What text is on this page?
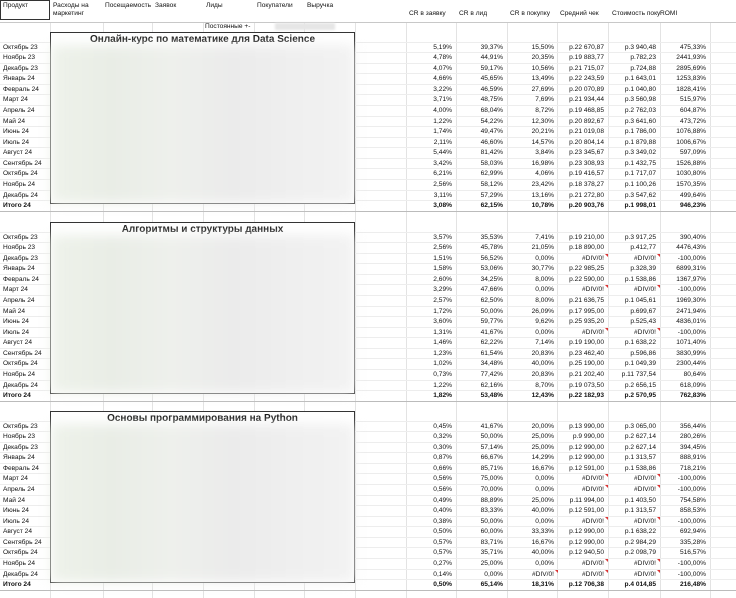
Продукт	Расходы на
маркетинг
Посещаемость Заявок	Лиды	Покупатели Выручка
CR в заявку CR в лид	CR в покупку Средний чек Стоимость поку ROMI
Постоянные +-
Октябрь 23	5,19%	39,37%	15,50% р.22 670,87	р.3 940,48	475,33%
Ноябрь 23	4,78%	44,91%	20,35% р.19 883,77	р.782,23	2441,93%
Декабрь 23	4,07%	59,17%	10,56% р.21 715,07	р.724,88	2895,69%
Январь 24	4,66%	45,65%	13,49% р.22 243,59	р.1 643,01	1253,83%
Февраль 24	3,22%	46,59%	27,69% р.20 070,89	р.1 040,80	1828,41%
Март 24	3,71%	48,75%	7,69% р.21 934,44	р.3 560,98	515,97%
Апрель 24	4,00%	68,04%	8,72% р.19 468,85	р.2 762,03	604,87%
Май 24	1,22%	54,22%	12,30% р.20 892,67	р.3 641,60	473,72%
Июнь 24	1,74%	49,47%	20,21% р.21 019,08	р.1 786,00	1076,88%
Июль 24	2,11%	46,60%	14,57% р.20 804,14	р.1 879,88	1006,67%
Август 24	5,44%	81,42%	3,84% р.23 345,67	р.3 349,02	597,09%
Сентябрь 24	3,42%	58,03%	16,98% р.23 308,93	р.1 432,75	1526,88%
Октябрь 24	6,21%	62,99%	4,06% р.19 416,57	р.1 717,07	1030,80%
Ноябрь 24	2,56%	58,12%	23,42% р.18 378,27	р.1 100,26	1570,35%
Декабрь 24	3,11%	57,29%	13,16% р.21 272,80	р.3 547,62	499,64%
Итого 24	3,08%	62,15%	10,78% р.20 903,76	р.1 998,01	946,23%
Онлайн-курс по математике для Data Science
Октябрь 23	3,57%	35,53%	7,41% р.19 210,00	р.3 917,25	390,40%
Ноябрь 23	2,56%	45,78%	21,05% р.18 890,00	р.412,77	4476,43%
Декабрь 23	1,51%	56,52%	0,00%	#DIV/0!	#DIV/0!	-100,00%
Январь 24	1,58%	53,06%	30,77% р.22 985,25	р.328,39	6899,31%
Февраль 24	2,60%	34,25%	8,00% р.22 590,00	р.1 538,86	1367,97%
Март 24	3,29%	47,66%	0,00%	#DIV/0!	#DIV/0!	-100,00%
Апрель 24	2,57%	62,50%	8,00% р.21 636,75	р.1 045,61	1969,30%
Май 24	1,72%	50,00%	26,09% р.17 995,00	р.699,67	2471,94%
Июнь 24	3,60%	59,77%	9,62% р.25 935,20	р.525,43	4836,01%
Июль 24	1,31%	41,67%	0,00%	#DIV/0!	#DIV/0!	-100,00%
Август 24	1,46%	62,22%	7,14% р.19 190,00	р.1 638,22	1071,40%
Сентябрь 24	1,23%	61,54%	20,83% р.23 462,40	р.596,86	3830,99%
Октябрь 24	1,02%	34,48%	40,00% р.25 190,00	р.1 049,39	2300,44%
Ноябрь 24	0,73%	77,42%	20,83% р.21 202,40	р.11 737,54	80,64%
Декабрь 24	1,22%	62,16%	8,70% р.19 073,50	р.2 656,15	618,09%
Итого 24	1,82%	53,48%	12,43% р.22 182,93	р.2 570,95	762,83%
Алгоритмы и структуры данных
Октябрь 23	0,45%	41,67%	20,00% р.13 990,00	р.3 065,00	356,44%
Ноябрь 23	0,32%	50,00%	25,00%	р.9 990,00	р.2 627,14	280,26%
Декабрь 23	0,30%	57,14%	25,00% р.12 990,00	р.2 627,14	394,45%
Январь 24	0,87%	66,67%	14,29% р.12 990,00	р.1 313,57	888,91%
Февраль 24	0,66%	85,71%	16,67% р.12 591,00	р.1 538,86	718,21%
Март 24	0,56%	75,00%	0,00%	#DIV/0!	#DIV/0!	-100,00%
Апрель 24	0,56%	70,00%	0,00%	#DIV/0!	#DIV/0!	-100,00%
Май 24	0,49%	88,89%	25,00% р.11 994,00	р.1 403,50	754,58%
Июнь 24	0,40%	83,33%	40,00% р.12 591,00	р.1 313,57	858,53%
Июль 24	0,38%	50,00%	0,00%	#DIV/0!	#DIV/0!	-100,00%
Август 24	0,50%	60,00%	33,33% р.12 990,00	р.1 638,22	692,94%
Сентябрь 24	0,57%	83,71%	16,67% р.12 990,00	р.2 984,29	335,28%
Октябрь 24	0,57%	35,71%	40,00% р.12 940,50	р.2 098,79	516,57%
Ноябрь 24	0,27%	25,00%	0,00%	#DIV/0!	#DIV/0!	-100,00%
Декабрь 24	0,14%	0,00%	#DIV/0!	#DIV/0!	#DIV/0!	-100,00%
Итого 24	0,50%	65,14%	18,31% р.12 706,38	р.4 014,85	216,48%
Основы программирования на Python
